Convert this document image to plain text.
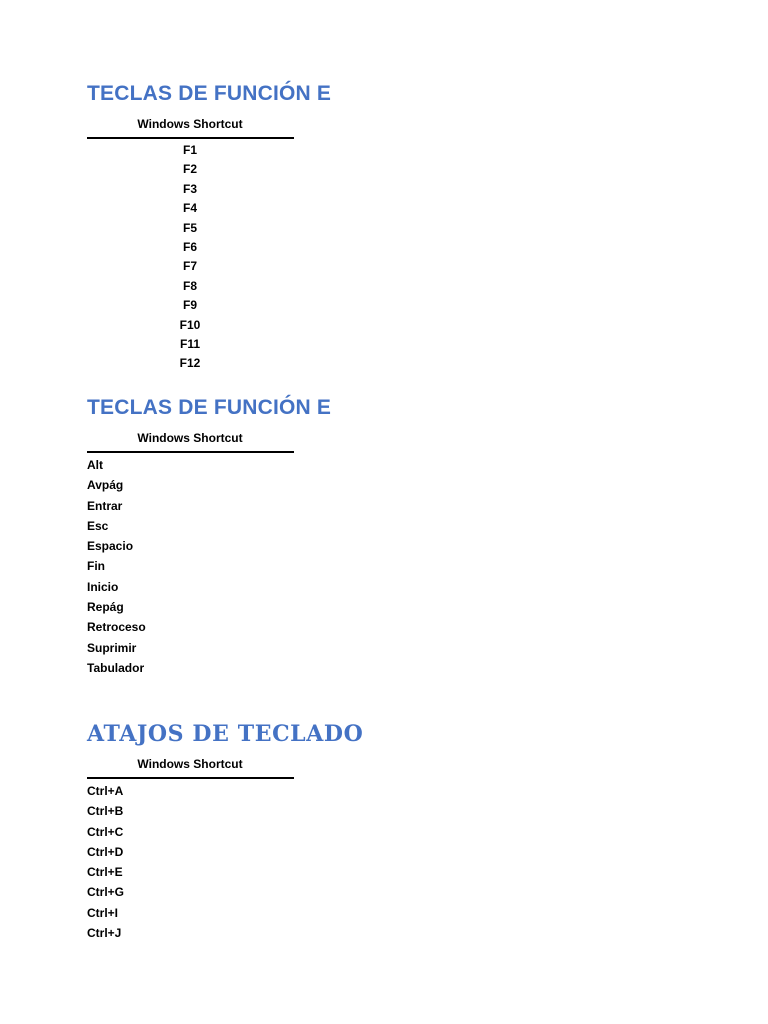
TECLAS DE FUNCIÓN E
Windows Shortcut
F1
F2
F3
F4
F5
F6
F7
F8
F9
F10
F11
F12
TECLAS DE FUNCIÓN E
Windows Shortcut
Alt
Avpág
Entrar
Esc
Espacio
Fin
Inicio
Repág
Retroceso
Suprimir
Tabulador
ATAJOS DE TECLADO
Windows Shortcut
Ctrl+A
Ctrl+B
Ctrl+C
Ctrl+D
Ctrl+E
Ctrl+G
Ctrl+I
Ctrl+J
